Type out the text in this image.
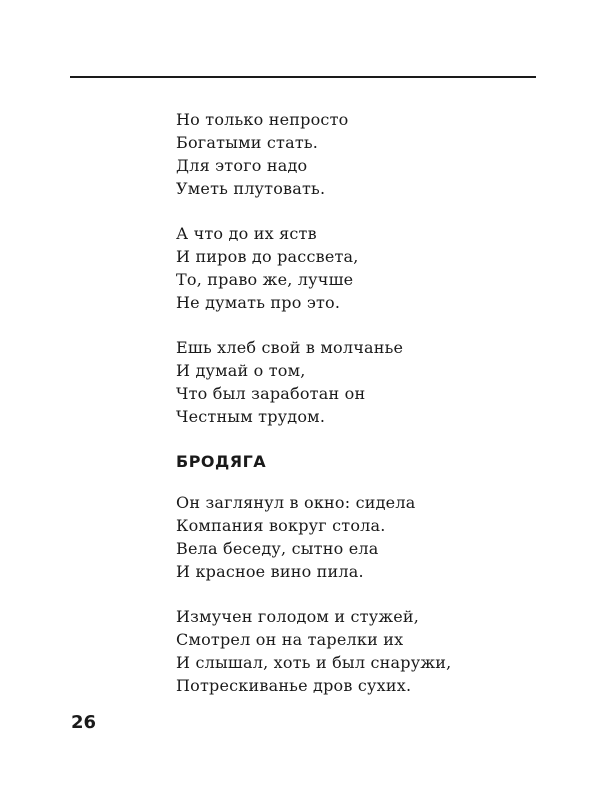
Но только непросто
Богатыми стать.
Для этого надо
Уметь плутовать.
А что до их яств
И пиров до рассвета,
То, право же, лучше
Не думать про это.
Ешь хлеб свой в молчанье
И думай о том,
Что был заработан он
Честным трудом.
БРОДЯГА
Он заглянул в окно: сидела
Компания вокруг стола.
Вела беседу, сытно ела
И красное вино пила.
Измучен голодом и стужей,
Смотрел он на тарелки их
И слышал, хоть и был снаружи,
Потрескиванье дров сухих.
26
